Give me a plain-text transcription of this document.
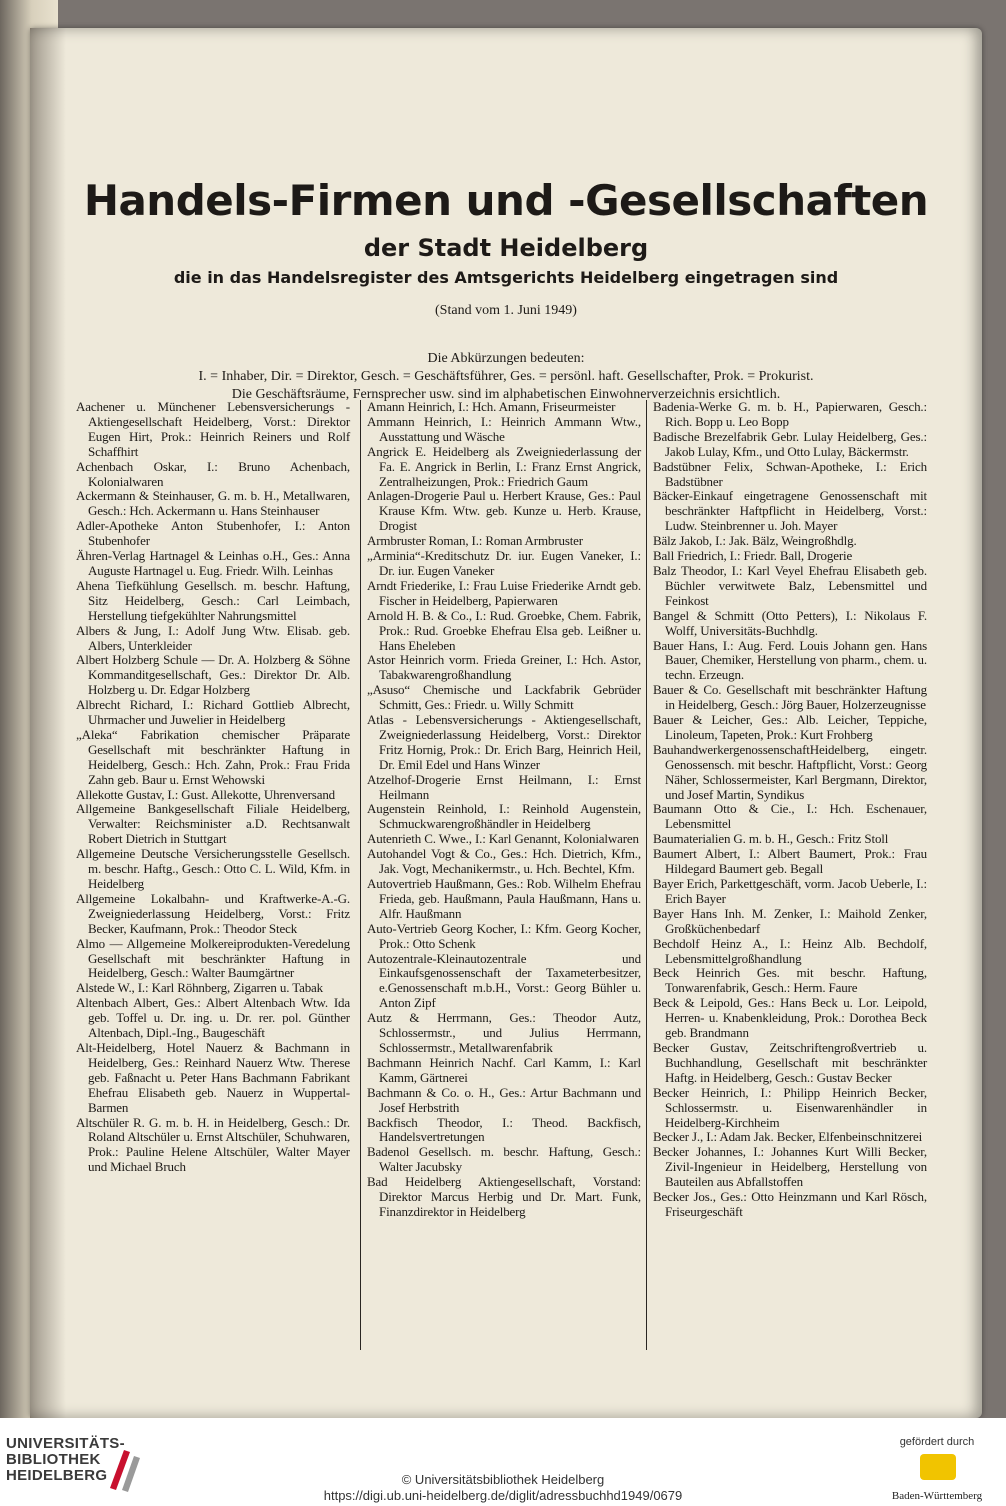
Handels-Firmen und -Gesellschaften
der Stadt Heidelberg
die in das Handelsregister des Amtsgerichts Heidelberg eingetragen sind
(Stand vom 1. Juni 1949)
Die Abkürzungen bedeuten:
I. = Inhaber, Dir. = Direktor, Gesch. = Geschäftsführer, Ges. = persönl. haft. Gesellschafter, Prok. = Prokurist.
Die Geschäftsräume, Fernsprecher usw. sind im alphabetischen Einwohnerverzeichnis ersichtlich.

Aachener u. Münchener Lebensversicherungs - Aktiengesellschaft Heidelberg, Vorst.: Direktor Eugen Hirt, Prok.: Heinrich Reiners und Rolf Schaffhirt

Achenbach Oskar, I.: Bruno Achenbach, Kolonialwaren

Ackermann & Steinhauser, G. m. b. H., Metallwaren, Gesch.: Hch. Ackermann u. Hans Steinhauser

Adler-Apotheke Anton Stubenhofer, I.: Anton Stubenhofer

Ähren-Verlag Hartnagel & Leinhas o.H., Ges.: Anna Auguste Hartnagel u. Eug. Friedr. Wilh. Leinhas

Ahena Tiefkühlung Gesellsch. m. beschr. Haftung, Sitz Heidelberg, Gesch.: Carl Leimbach, Herstellung tiefgekühlter Nahrungsmittel

Albers & Jung, I.: Adolf Jung Wtw. Elisab. geb. Albers, Unterkleider

Albert Holzberg Schule — Dr. A. Holzberg & Söhne Kommanditgesellschaft, Ges.: Direktor Dr. Alb. Holzberg u. Dr. Edgar Holzberg

Albrecht Richard, I.: Richard Gottlieb Albrecht, Uhrmacher und Juwelier in Heidelberg

„Aleka“ Fabrikation chemischer Präparate Gesellschaft mit beschränkter Haftung in Heidelberg, Gesch.: Hch. Zahn, Prok.: Frau Frida Zahn geb. Baur u. Ernst Wehowski

Allekotte Gustav, I.: Gust. Allekotte, Uhrenversand

Allgemeine Bankgesellschaft Filiale Heidelberg, Verwalter: Reichsminister a.D. Rechtsanwalt Robert Dietrich in Stuttgart

Allgemeine Deutsche Versicherungsstelle Gesellsch. m. beschr. Haftg., Gesch.: Otto C. L. Wild, Kfm. in Heidelberg

Allgemeine Lokalbahn- und Kraftwerke-A.-G. Zweigniederlassung Heidelberg, Vorst.: Fritz Becker, Kaufmann, Prok.: Theodor Steck

Almo — Allgemeine Molkereiprodukten-Veredelung Gesellschaft mit beschränkter Haftung in Heidelberg, Gesch.: Walter Baumgärtner

Alstede W., I.: Karl Röhnberg, Zigarren u. Tabak

Altenbach Albert, Ges.: Albert Altenbach Wtw. Ida geb. Toffel u. Dr. ing. u. Dr. rer. pol. Günther Altenbach, Dipl.-Ing., Baugeschäft

Alt-Heidelberg, Hotel Nauerz & Bachmann in Heidelberg, Ges.: Reinhard Nauerz Wtw. Therese geb. Faßnacht u. Peter Hans Bachmann Fabrikant Ehefrau Elisabeth geb. Nauerz in Wuppertal-Barmen

Altschüler R. G. m. b. H. in Heidelberg, Gesch.: Dr. Roland Altschüler u. Ernst Altschüler, Schuhwaren, Prok.: Pauline Helene Altschüler, Walter Mayer und Michael Bruch

Amann Heinrich, I.: Hch. Amann, Friseurmeister

Ammann Heinrich, I.: Heinrich Ammann Wtw., Ausstattung und Wäsche

Angrick E. Heidelberg als Zweigniederlassung der Fa. E. Angrick in Berlin, I.: Franz Ernst Angrick, Zentralheizungen, Prok.: Friedrich Gaum

Anlagen-Drogerie Paul u. Herbert Krause, Ges.: Paul Krause Kfm. Wtw. geb. Kunze u. Herb. Krause, Drogist

Armbruster Roman, I.: Roman Armbruster

„Arminia“-Kreditschutz Dr. iur. Eugen Vaneker, I.: Dr. iur. Eugen Vaneker

Arndt Friederike, I.: Frau Luise Friederike Arndt geb. Fischer in Heidelberg, Papierwaren

Arnold H. B. & Co., I.: Rud. Groebke, Chem. Fabrik, Prok.: Rud. Groebke Ehefrau Elsa geb. Leißner u. Hans Eheleben

Astor Heinrich vorm. Frieda Greiner, I.: Hch. Astor, Tabakwarengroßhandlung

„Asuso“ Chemische und Lackfabrik Gebrüder Schmitt, Ges.: Friedr. u. Willy Schmitt

Atlas - Lebensversicherungs - Aktiengesellschaft, Zweigniederlassung Heidelberg, Vorst.: Direktor Fritz Hornig, Prok.: Dr. Erich Barg, Heinrich Heil, Dr. Emil Edel und Hans Winzer

Atzelhof-Drogerie Ernst Heilmann, I.: Ernst Heilmann

Augenstein Reinhold, I.: Reinhold Augenstein, Schmuckwarengroßhändler in Heidelberg

Autenrieth C. Wwe., I.: Karl Genannt, Kolonialwaren

Autohandel Vogt & Co., Ges.: Hch. Dietrich, Kfm., Jak. Vogt, Mechanikermstr., u. Hch. Bechtel, Kfm.

Autovertrieb Haußmann, Ges.: Rob. Wilhelm Ehefrau Frieda, geb. Haußmann, Paula Haußmann, Hans u. Alfr. Haußmann

Auto-Vertrieb Georg Kocher, I.: Kfm. Georg Kocher, Prok.: Otto Schenk

Autozentrale-Kleinautozentrale und Einkaufsgenossenschaft der Taxameterbesitzer, e.Genossenschaft m.b.H., Vorst.: Georg Bühler u. Anton Zipf

Autz & Herrmann, Ges.: Theodor Autz, Schlossermstr., und Julius Herrmann, Schlossermstr., Metallwarenfabrik

Bachmann Heinrich Nachf. Carl Kamm, I.: Karl Kamm, Gärtnerei

Bachmann & Co. o. H., Ges.: Artur Bachmann und Josef Herbstrith

Backfisch Theodor, I.: Theod. Backfisch, Handelsvertretungen

Badenol Gesellsch. m. beschr. Haftung, Gesch.: Walter Jacubsky

Bad Heidelberg Aktiengesellschaft, Vorstand: Direktor Marcus Herbig und Dr. Mart. Funk, Finanzdirektor in Heidelberg

Badenia-Werke G. m. b. H., Papierwaren, Gesch.: Rich. Bopp u. Leo Bopp

Badische Brezelfabrik Gebr. Lulay Heidelberg, Ges.: Jakob Lulay, Kfm., und Otto Lulay, Bäckermstr.

Badstübner Felix, Schwan-Apotheke, I.: Erich Badstübner

Bäcker-Einkauf eingetragene Genossenschaft mit beschränkter Haftpflicht in Heidelberg, Vorst.: Ludw. Steinbrenner u. Joh. Mayer

Bälz Jakob, I.: Jak. Bälz, Weingroßhdlg.

Ball Friedrich, I.: Friedr. Ball, Drogerie

Balz Theodor, I.: Karl Veyel Ehefrau Elisabeth geb. Büchler verwitwete Balz, Lebensmittel und Feinkost

Bangel & Schmitt (Otto Petters), I.: Nikolaus F. Wolff, Universitäts-Buchhdlg.

Bauer Hans, I.: Aug. Ferd. Louis Johann gen. Hans Bauer, Chemiker, Herstellung von pharm., chem. u. techn. Erzeugn.

Bauer & Co. Gesellschaft mit beschränkter Haftung in Heidelberg, Gesch.: Jörg Bauer, Holzerzeugnisse

Bauer & Leicher, Ges.: Alb. Leicher, Teppiche, Linoleum, Tapeten, Prok.: Kurt Frohberg

BauhandwerkergenossenschaftHeidelberg, eingetr. Genossensch. mit beschr. Haftpflicht, Vorst.: Georg Näher, Schlossermeister, Karl Bergmann, Direktor, und Josef Martin, Syndikus

Baumann Otto & Cie., I.: Hch. Eschenauer, Lebensmittel

Baumaterialien G. m. b. H., Gesch.: Fritz Stoll

Baumert Albert, I.: Albert Baumert, Prok.: Frau Hildegard Baumert geb. Begall

Bayer Erich, Parkettgeschäft, vorm. Jacob Ueberle, I.: Erich Bayer

Bayer Hans Inh. M. Zenker, I.: Maihold Zenker, Großküchenbedarf

Bechdolf Heinz A., I.: Heinz Alb. Bechdolf, Lebensmittelgroßhandlung

Beck Heinrich Ges. mit beschr. Haftung, Tonwarenfabrik, Gesch.: Herm. Faure

Beck & Leipold, Ges.: Hans Beck u. Lor. Leipold, Herren- u. Knabenkleidung, Prok.: Dorothea Beck geb. Brandmann

Becker Gustav, Zeitschriftengroßvertrieb u. Buchhandlung, Gesellschaft mit beschränkter Haftg. in Heidelberg, Gesch.: Gustav Becker

Becker Heinrich, I.: Philipp Heinrich Becker, Schlossermstr. u. Eisenwarenhändler in Heidelberg-Kirchheim

Becker J., I.: Adam Jak. Becker, Elfenbeinschnitzerei

Becker Johannes, I.: Johannes Kurt Willi Becker, Zivil-Ingenieur in Heidelberg, Herstellung von Bauteilen aus Abfallstoffen

Becker Jos., Ges.: Otto Heinzmann und Karl Rösch, Friseurgeschäft

UNIVERSITÄTS-
BIBLIOTHEK
HEIDELBERG	© Universitätsbibliothek Heidelberg
https://digi.ub.uni-heidelberg.de/diglit/adressbuchhd1949/0679
gefördert durch
Baden-Württemberg
